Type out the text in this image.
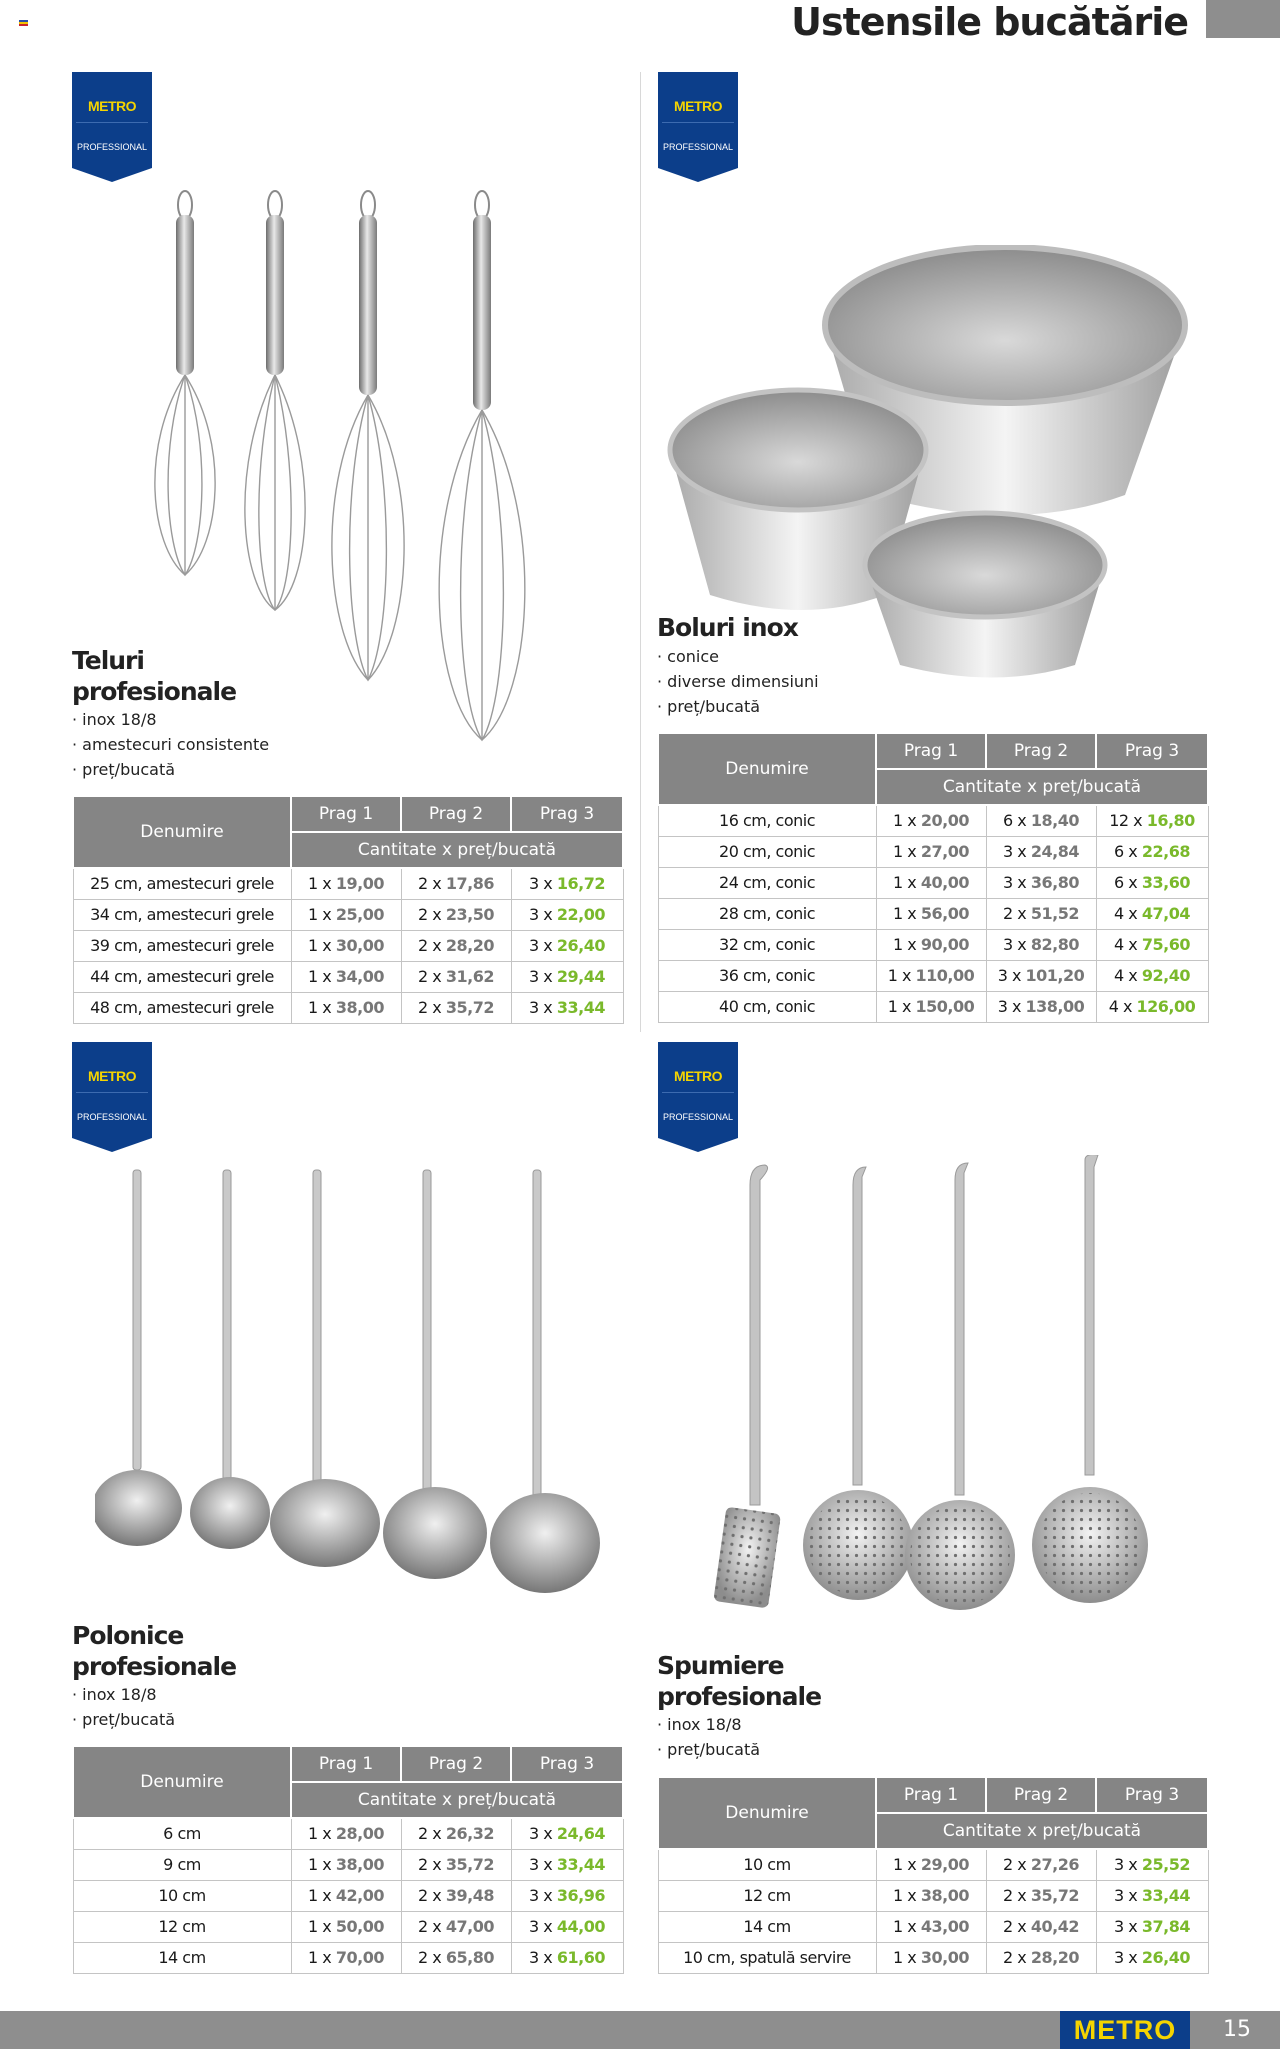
Ustensile bucătărie
METRO
PROFESSIONAL
METRO
PROFESSIONAL
METRO
PROFESSIONAL
METRO
PROFESSIONAL
Teluri
profesionale
· inox 18/8
· amestecuri consistente
· preț/bucată
Denumire	Prag 1	Prag 2	Prag 3
	Cantitate x preț/bucată		
25 cm, amestecuri grele	1 x 19,00	2 x 17,86	3 x 16,72
34 cm, amestecuri grele	1 x 25,00	2 x 23,50	3 x 22,00
39 cm, amestecuri grele	1 x 30,00	2 x 28,20	3 x 26,40
44 cm, amestecuri grele	1 x 34,00	2 x 31,62	3 x 29,44
48 cm, amestecuri grele	1 x 38,00	2 x 35,72	3 x 33,44
Boluri inox
· conice
· diverse dimensiuni
· preț/bucată
Denumire	Prag 1	Prag 2	Prag 3
	Cantitate x preț/bucată		
16 cm, conic	1 x 20,00	6 x 18,40	12 x 16,80
20 cm, conic	1 x 27,00	3 x 24,84	6 x 22,68
24 cm, conic	1 x 40,00	3 x 36,80	6 x 33,60
28 cm, conic	1 x 56,00	2 x 51,52	4 x 47,04
32 cm, conic	1 x 90,00	3 x 82,80	4 x 75,60
36 cm, conic	1 x 110,00	3 x 101,20	4 x 92,40
40 cm, conic	1 x 150,00	3 x 138,00	4 x 126,00
Polonice
profesionale
· inox 18/8
· preț/bucată
Denumire	Prag 1	Prag 2	Prag 3
	Cantitate x preț/bucată		
6 cm	1 x 28,00	2 x 26,32	3 x 24,64
9 cm	1 x 38,00	2 x 35,72	3 x 33,44
10 cm	1 x 42,00	2 x 39,48	3 x 36,96
12 cm	1 x 50,00	2 x 47,00	3 x 44,00
14 cm	1 x 70,00	2 x 65,80	3 x 61,60
Spumiere
profesionale
· inox 18/8
· preț/bucată
Denumire	Prag 1	Prag 2	Prag 3
	Cantitate x preț/bucată		
10 cm	1 x 29,00	2 x 27,26	3 x 25,52
12 cm	1 x 38,00	2 x 35,72	3 x 33,44
14 cm	1 x 43,00	2 x 40,42	3 x 37,84
10 cm, spatulă servire	1 x 30,00	2 x 28,20	3 x 26,40
METRO	15
